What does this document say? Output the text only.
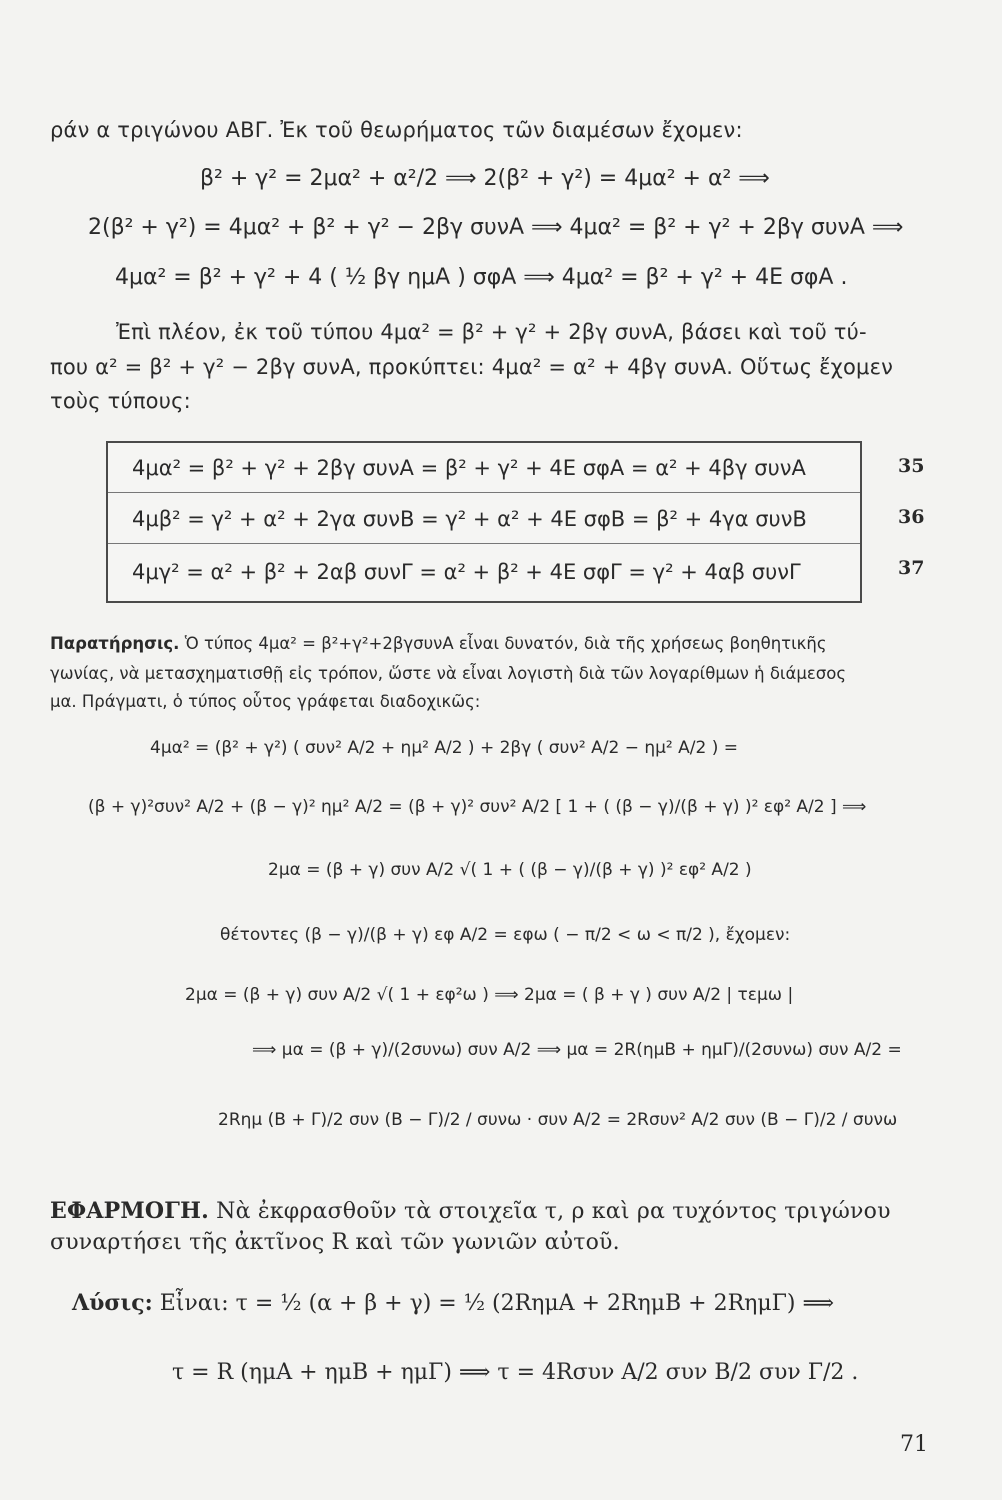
ράν α τριγώνου ΑΒΓ. Ἐκ τοῦ θεωρήματος τῶν διαμέσων ἔχομεν:
β² + γ² = 2μα² + α²/2 ⟹ 2(β² + γ²) = 4μα² + α² ⟹
2(β² + γ²) = 4μα² + β² + γ² − 2βγ συνΑ ⟹ 4μα² = β² + γ² + 2βγ συνΑ ⟹
4μα² = β² + γ² + 4 ( ½ βγ ημΑ ) σφΑ ⟹ 4μα² = β² + γ² + 4Ε σφΑ .
Ἐπὶ πλέον, ἐκ τοῦ τύπου 4μα² = β² + γ² + 2βγ συνΑ, βάσει καὶ τοῦ τύ-
που α² = β² + γ² − 2βγ συνΑ, προκύπτει: 4μα² = α² + 4βγ συνΑ. Οὕτως ἔχομεν
τοὺς τύπους:
4μα² = β² + γ² + 2βγ συνΑ = β² + γ² + 4Ε σφΑ = α² + 4βγ συνΑ
4μβ² = γ² + α² + 2γα συνΒ = γ² + α² + 4Ε σφΒ = β² + 4γα συνΒ
4μγ² = α² + β² + 2αβ συνΓ = α² + β² + 4Ε σφΓ = γ² + 4αβ συνΓ
35
36
37
Παρατήρησις. Ὁ τύπος 4μα² = β²+γ²+2βγσυνΑ εἶναι δυνατόν, διὰ τῆς χρήσεως βοηθητικῆς
γωνίας, νὰ μετασχηματισθῇ εἰς τρόπον, ὥστε νὰ εἶναι λογιστὴ διὰ τῶν λογαρίθμων ἡ διάμεσος
μα. Πράγματι, ὁ τύπος οὗτος γράφεται διαδοχικῶς:
4μα² = (β² + γ²) ( συν² Α/2 + ημ² Α/2 ) + 2βγ ( συν² Α/2 − ημ² Α/2 ) =
(β + γ)²συν² Α/2 + (β − γ)² ημ² Α/2 = (β + γ)² συν² Α/2 [ 1 + ( (β − γ)/(β + γ) )² εφ² Α/2 ] ⟹
2μα = (β + γ) συν Α/2 √( 1 + ( (β − γ)/(β + γ) )² εφ² Α/2 )
θέτοντες (β − γ)/(β + γ) εφ Α/2 = εφω ( − π/2 < ω < π/2 ), ἔχομεν:
2μα = (β + γ) συν Α/2 √( 1 + εφ²ω ) ⟹ 2μα = ( β + γ ) συν Α/2 | τεμω |
⟹ μα = (β + γ)/(2συνω) συν Α/2 ⟹ μα = 2R(ημΒ + ημΓ)/(2συνω) συν Α/2 =
2Rημ (Β + Γ)/2 συν (Β − Γ)/2 / συνω · συν Α/2 = 2Rσυν² Α/2 συν (Β − Γ)/2 / συνω
ΕΦΑΡΜΟΓΗ. Νὰ ἐκφρασθοῦν τὰ στοιχεῖα τ, ρ καὶ ρα τυχόντος τριγώνου
συναρτήσει τῆς ἀκτῖνος R καὶ τῶν γωνιῶν αὐτοῦ.
Λύσις: Εἶναι: τ = ½ (α + β + γ) = ½ (2RημΑ + 2RημΒ + 2RημΓ) ⟹
τ = R (ημΑ + ημΒ + ημΓ) ⟹ τ = 4Rσυν Α/2 συν Β/2 συν Γ/2 .
71
